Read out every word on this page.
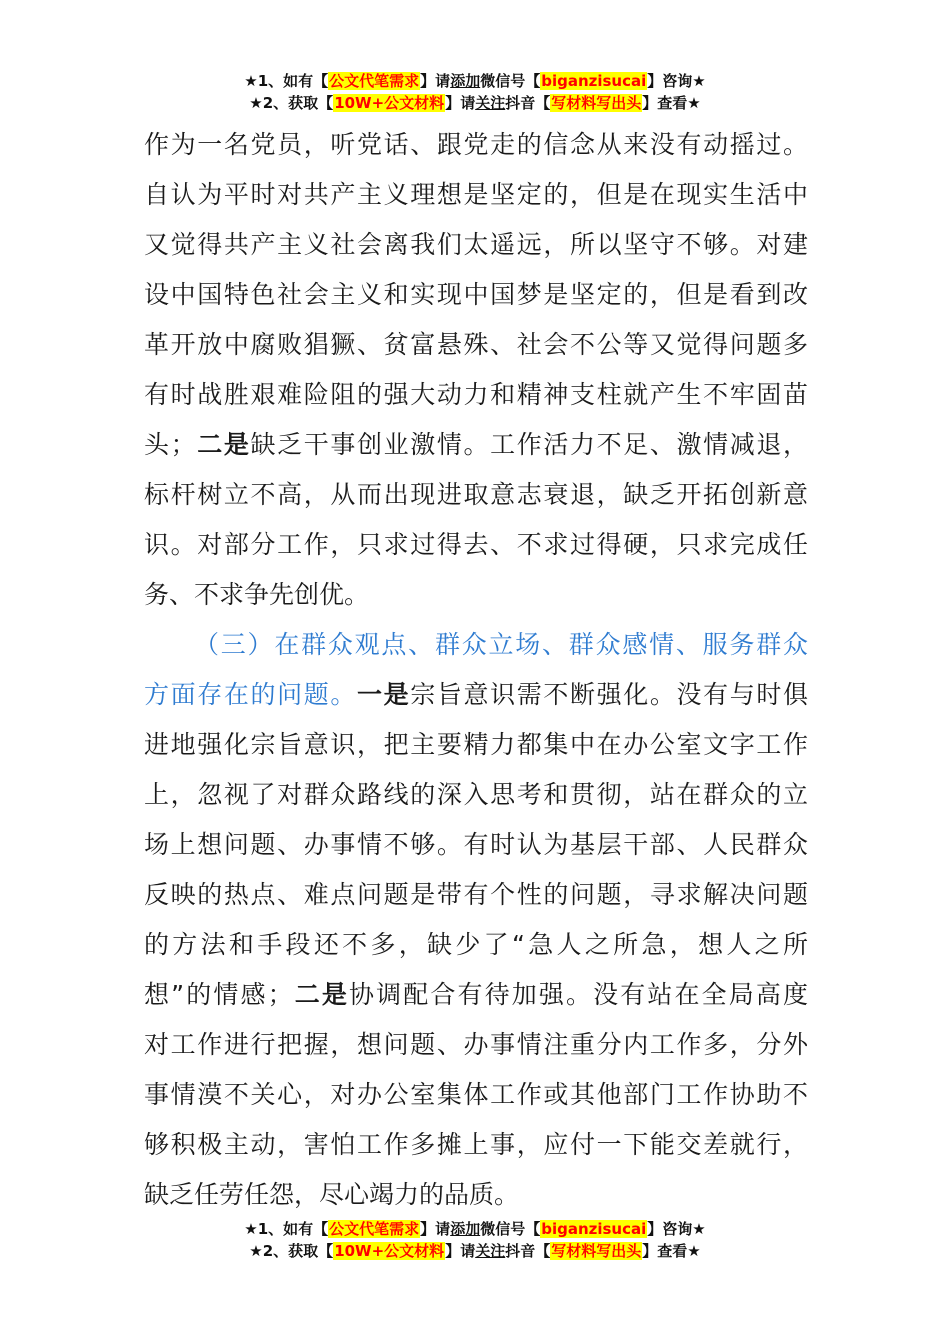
★1、如有【公文代笔需求】请添加微信号【biganzisucai】咨询★
★2、获取【10W+公文材料】请关注抖音【写材料写出头】查看★
作为一名党员，听党话、跟党走的信念从来没有动摇过。
自认为平时对共产主义理想是坚定的，但是在现实生活中
又觉得共产主义社会离我们太遥远，所以坚守不够。对建
设中国特色社会主义和实现中国梦是坚定的，但是看到改
革开放中腐败猖獗、贫富悬殊、社会不公等又觉得问题多
有时战胜艰难险阻的强大动力和精神支柱就产生不牢固苗
头；二是缺乏干事创业激情。工作活力不足、激情减退，
标杆树立不高，从而出现进取意志衰退，缺乏开拓创新意
识。对部分工作，只求过得去、不求过得硬，只求完成任
务、不求争先创优。
（三）在群众观点、群众立场、群众感情、服务群众
方面存在的问题。一是宗旨意识需不断强化。没有与时俱
进地强化宗旨意识，把主要精力都集中在办公室文字工作
上，忽视了对群众路线的深入思考和贯彻，站在群众的立
场上想问题、办事情不够。有时认为基层干部、人民群众
反映的热点、难点问题是带有个性的问题，寻求解决问题
的方法和手段还不多，缺少了“急人之所急，想人之所
想”的情感；二是协调配合有待加强。没有站在全局高度
对工作进行把握，想问题、办事情注重分内工作多，分外
事情漠不关心，对办公室集体工作或其他部门工作协助不
够积极主动，害怕工作多摊上事，应付一下能交差就行，
缺乏任劳任怨，尽心竭力的品质。
★1、如有【公文代笔需求】请添加微信号【biganzisucai】咨询★
★2、获取【10W+公文材料】请关注抖音【写材料写出头】查看★
